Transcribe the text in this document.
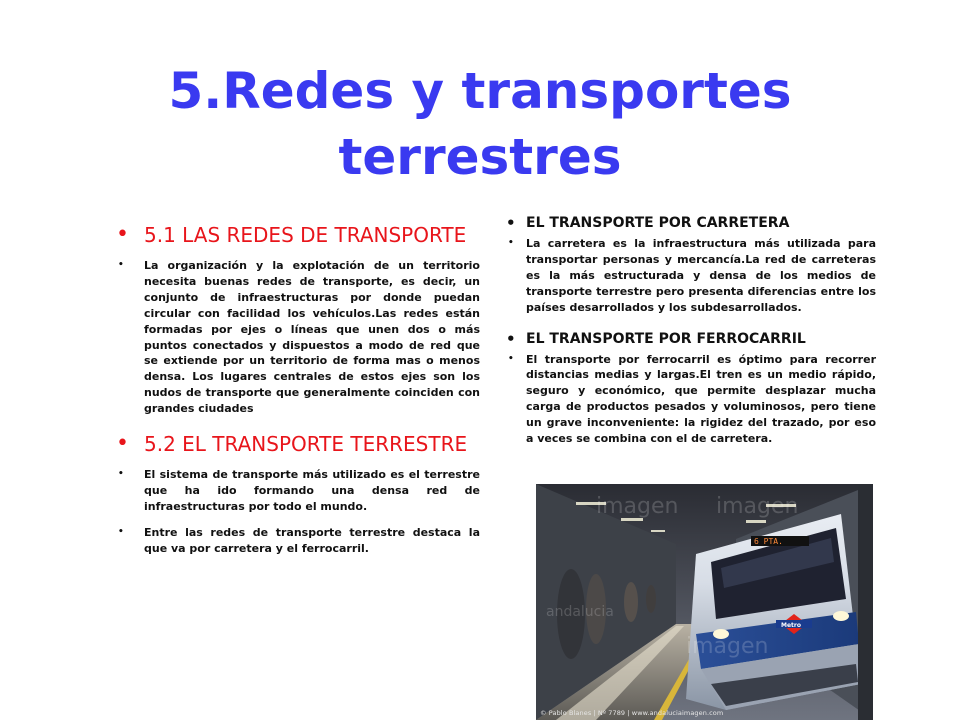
5.Redes y transportes terrestres

• 5.1 LAS REDES DE TRANSPORTE

• La organización y la explotación de un territorio necesita buenas redes de transporte, es decir, un conjunto de infraestructuras por donde puedan circular con facilidad los vehículos.Las redes están formadas por ejes o líneas que unen dos o más puntos conectados y dispuestos a modo de red que se extiende por un territorio de forma mas o menos densa. Los lugares centrales de estos ejes son los nudos de transporte que generalmente coinciden con grandes ciudades

• 5.2 EL TRANSPORTE TERRESTRE

• El sistema de transporte más utilizado es el terrestre que ha ido formando una densa red de infraestructuras por todo el mundo.

• Entre las redes de transporte terrestre destaca la que va por carretera y el ferrocarril.

• EL TRANSPORTE POR CARRETERA

• La carretera es la infraestructura más utilizada para transportar personas y mercancía.La red de carreteras es la más estructurada y densa de los medios de transporte terrestre pero presenta diferencias entre los países desarrollados y los subdesarrollados.

• EL TRANSPORTE POR FERROCARRIL

• El transporte por ferrocarril es óptimo para recorrer distancias medias y largas.El tren es un medio rápido, seguro y económico, que permite desplazar mucha carga de productos pesados y voluminosos, pero tiene un grave inconveniente: la rigidez del trazado, por eso a veces se combina con el de carretera.

6 PTA.
Metro
imagen imagen
andalucia
imagen
© Pablo Blanes | Nº 7789 | www.andaluciaimagen.com
